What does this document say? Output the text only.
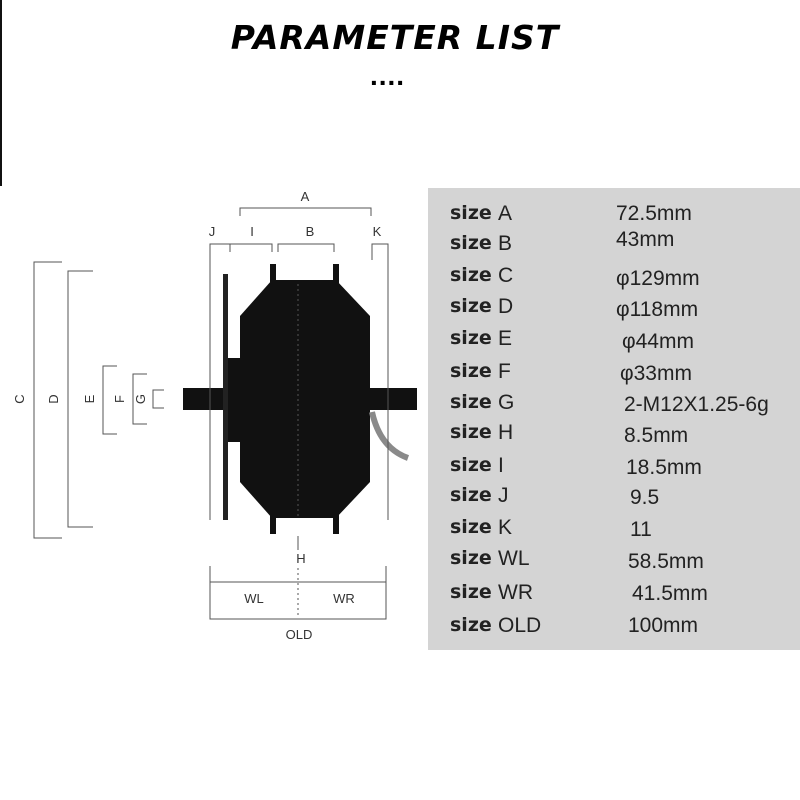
PARAMETER LIST
....
A
J	I	B	K
C D E F G
H
WL	WR
OLD
size A	72.5mm
size B	43mm
size C	φ129mm
size D	φ118mm
size E	φ44mm
size F	φ33mm
size G	2-M12X1.25-6g
size H	8.5mm
size I	18.5mm
size J	9.5
size K	11
size WL	58.5mm
size WR	41.5mm
size OLD	100mm
